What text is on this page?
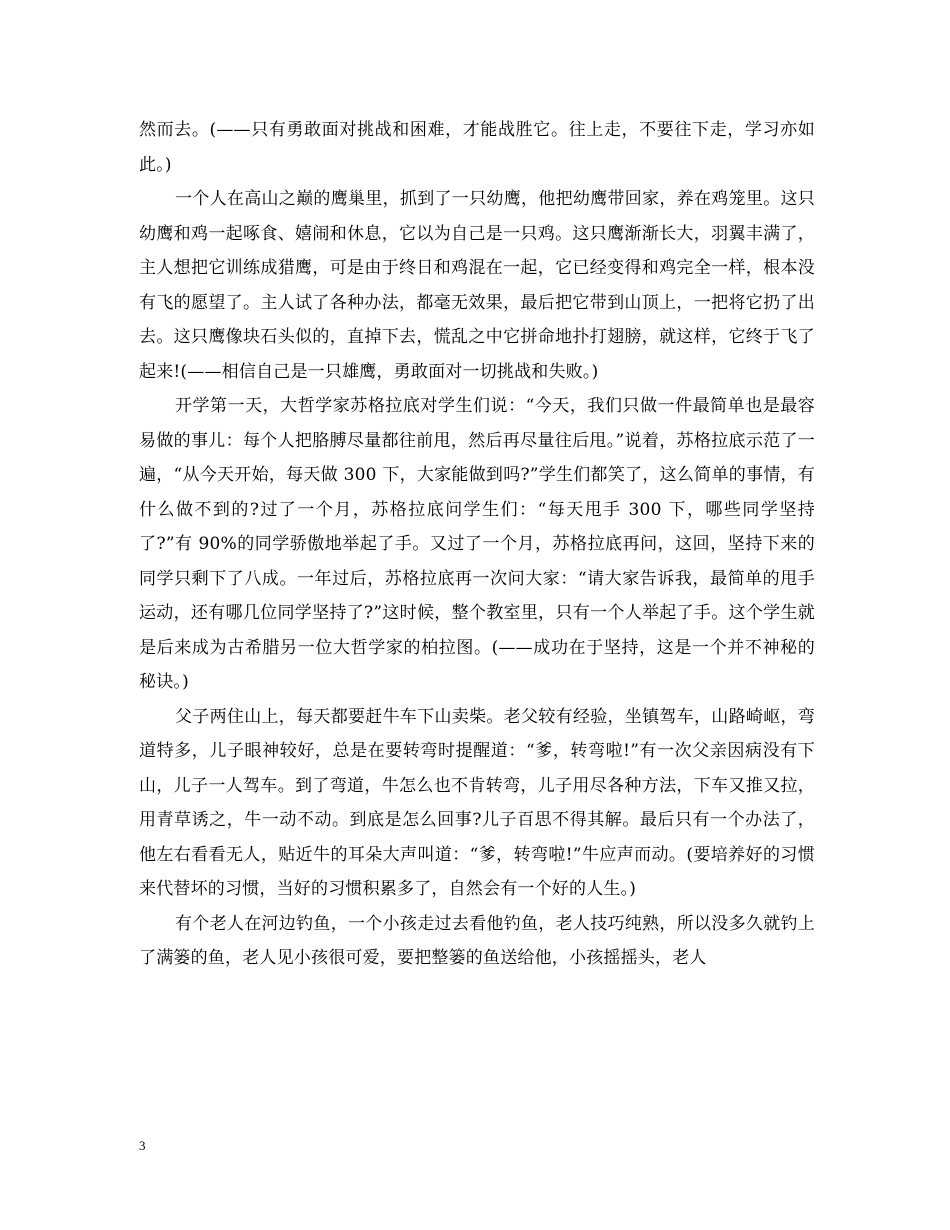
然而去。(——只有勇敢面对挑战和困难，才能战胜它。往上走，不要往下走，学习亦如此。)

一个人在高山之巅的鹰巢里，抓到了一只幼鹰，他把幼鹰带回家，养在鸡笼里。这只幼鹰和鸡一起啄食、嬉闹和休息，它以为自己是一只鸡。这只鹰渐渐长大，羽翼丰满了，主人想把它训练成猎鹰，可是由于终日和鸡混在一起，它已经变得和鸡完全一样，根本没有飞的愿望了。主人试了各种办法，都毫无效果，最后把它带到山顶上，一把将它扔了出去。这只鹰像块石头似的，直掉下去，慌乱之中它拼命地扑打翅膀，就这样，它终于飞了起来!(——相信自己是一只雄鹰，勇敢面对一切挑战和失败。)

开学第一天，大哲学家苏格拉底对学生们说：“今天，我们只做一件最简单也是最容易做的事儿：每个人把胳膊尽量都往前甩，然后再尽量往后甩。”说着，苏格拉底示范了一遍，“从今天开始，每天做 300 下，大家能做到吗?”学生们都笑了，这么简单的事情，有什么做不到的?过了一个月，苏格拉底问学生们：“每天甩手 300 下，哪些同学坚持了?”有 90%的同学骄傲地举起了手。又过了一个月，苏格拉底再问，这回，坚持下来的同学只剩下了八成。一年过后，苏格拉底再一次问大家：“请大家告诉我，最简单的甩手运动，还有哪几位同学坚持了?”这时候，整个教室里，只有一个人举起了手。这个学生就是后来成为古希腊另一位大哲学家的柏拉图。(——成功在于坚持，这是一个并不神秘的秘诀。)

父子两住山上，每天都要赶牛车下山卖柴。老父较有经验，坐镇驾车，山路崎岖，弯道特多，儿子眼神较好，总是在要转弯时提醒道：“爹，转弯啦!”有一次父亲因病没有下山，儿子一人驾车。到了弯道，牛怎么也不肯转弯，儿子用尽各种方法，下车又推又拉，用青草诱之，牛一动不动。到底是怎么回事?儿子百思不得其解。最后只有一个办法了，他左右看看无人，贴近牛的耳朵大声叫道：“爹，转弯啦!”牛应声而动。(要培养好的习惯来代替坏的习惯，当好的习惯积累多了，自然会有一个好的人生。)

有个老人在河边钓鱼，一个小孩走过去看他钓鱼，老人技巧纯熟，所以没多久就钓上了满篓的鱼，老人见小孩很可爱，要把整篓的鱼送给他，小孩摇摇头，老人

3
